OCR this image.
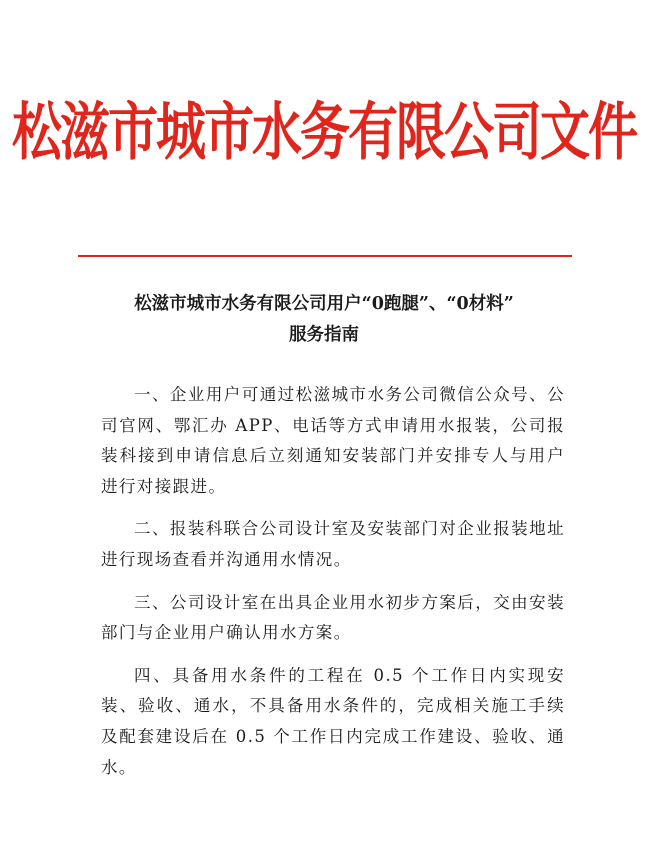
松滋市城市水务有限公司文件
松滋市城市水务有限公司用户“0跑腿”、“0材料”
服务指南

一、企业用户可通过松滋城市水务公司微信公众号、公司官网、鄂汇办 APP、电话等方式申请用水报装，公司报装科接到申请信息后立刻通知安装部门并安排专人与用户进行对接跟进。

二、报装科联合公司设计室及安装部门对企业报装地址进行现场查看并沟通用水情况。

三、公司设计室在出具企业用水初步方案后，交由安装部门与企业用户确认用水方案。

四、具备用水条件的工程在 0.5 个工作日内实现安装、验收、通水，不具备用水条件的，完成相关施工手续及配套建设后在 0.5 个工作日内完成工作建设、验收、通水。
